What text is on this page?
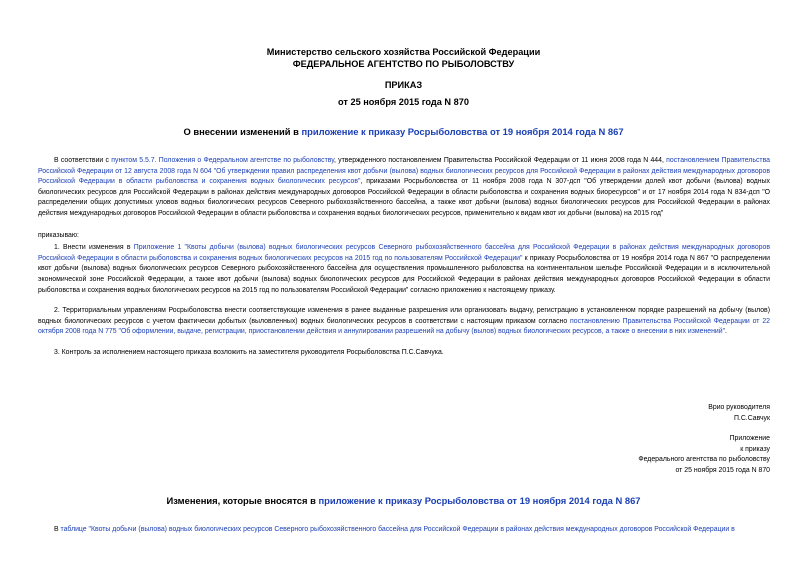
Министерство сельского хозяйства Российской Федерации
ФЕДЕРАЛЬНОЕ АГЕНТСТВО ПО РЫБОЛОВСТВУ
ПРИКАЗ
от 25 ноября 2015 года N 870
О внесении изменений в приложение к приказу Росрыболовства от 19 ноября 2014 года N 867

В соответствии с пунктом 5.5.7. Положения о Федеральном агентстве по рыболовству, утвержденного постановлением Правительства Российской Федерации от 11 июня 2008 года N 444, постановлением Правительства Российской Федерации от 12 августа 2008 года N 604 "Об утверждении правил распределения квот добычи (вылова) водных биологических ресурсов для Российской Федерации в районах действия международных договоров Российской Федерации в области рыболовства и сохранения водных биологических ресурсов", приказами Росрыболовства от 11 ноября 2008 года N 307-дсп "Об утверждении долей квот добычи (вылова) водных биологических ресурсов для Российской Федерации в районах действия международных договоров Российской Федерации в области рыболовства и сохранения водных биоресурсов" и от 17 ноября 2014 года N 834-дсп "О распределении общих допустимых уловов водных биологических ресурсов Северного рыбохозяйственного бассейна, а также квот добычи (вылова) водных биологических ресурсов для Российской Федерации в районах действия международных договоров Российской Федерации в области рыболовства и сохранения водных биологических ресурсов, применительно к видам квот их добычи (вылова) на 2015 год"

приказываю:

1. Внести изменения в Приложение 1 "Квоты добычи (вылова) водных биологических ресурсов Северного рыбохозяйственного бассейна для Российской Федерации в районах действия международных договоров Российской Федерации в области рыболовства и сохранения водных биологических ресурсов на 2015 год по пользователям Российской Федерации" к приказу Росрыболовства от 19 ноября 2014 года N 867 "О распределении квот добычи (вылова) водных биологических ресурсов Северного рыбохозяйственного бассейна для осуществления промышленного рыболовства на континентальном шельфе Российской Федерации и в исключительной экономической зоне Российской Федерации, а также квот добычи (вылова) водных биологических ресурсов для Российской Федерации в районах действия международных договоров Российской Федерации в области рыболовства и сохранения водных биологических ресурсов на 2015 год по пользователям Российской Федерации" согласно приложению к настоящему приказу.

2. Территориальным управлениям Росрыболовства внести соответствующие изменения в ранее выданные разрешения или организовать выдачу, регистрацию в установленном порядке разрешений на добычу (вылов) водных биологических ресурсов с учетом фактически добытых (выловленных) водных биологических ресурсов в соответствии с настоящим приказом согласно постановлению Правительства Российской Федерации от 22 октября 2008 года N 775 "Об оформлении, выдаче, регистрации, приостановлении действия и аннулировании разрешений на добычу (вылов) водных биологических ресурсов, а также о внесении в них изменений".

3. Контроль за исполнением настоящего приказа возложить на заместителя руководителя Росрыболовства П.С.Савчука.

Врио руководителя
П.С.Савчук
Приложение
к приказу
Федерального агентства по рыболовству
от 25 ноября 2015 года N 870
Изменения, которые вносятся в приложение к приказу Росрыболовства от 19 ноября 2014 года N 867
В таблице "Квоты добычи (вылова) водных биологических ресурсов Северного рыбохозяйственного бассейна для Российской Федерации в районах действия международных договоров Российской Федерации в
